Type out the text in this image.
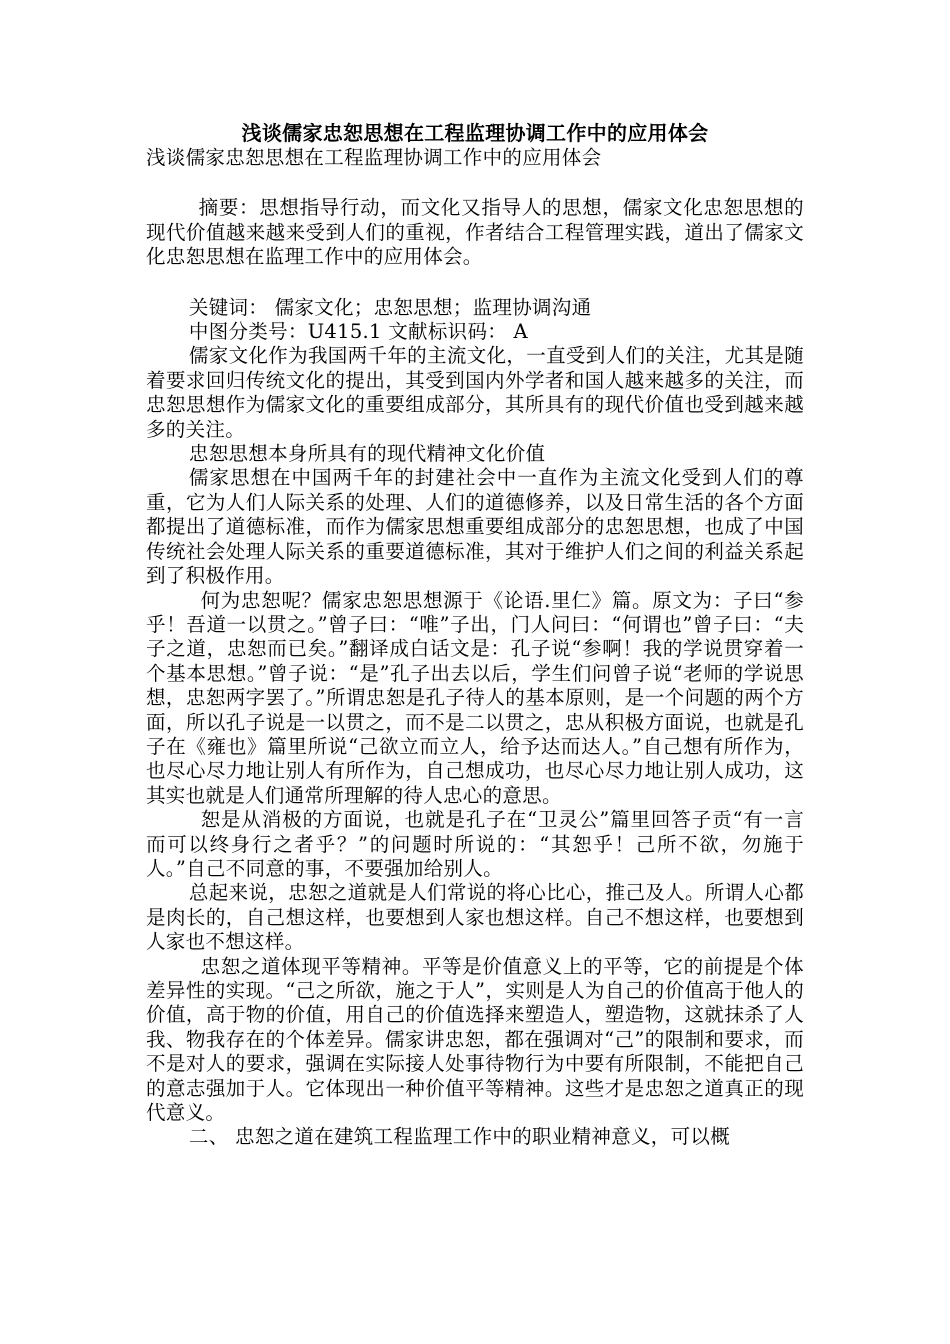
浅谈儒家忠恕思想在工程监理协调工作中的应用体会

浅谈儒家忠恕思想在工程监理协调工作中的应用体会

摘要：思想指导行动，而文化又指导人的思想，儒家文化忠恕思想的现代价值越来越来受到人们的重视，作者结合工程管理实践，道出了儒家文化忠恕思想在监理工作中的应用体会。

关键词： 儒家文化；忠恕思想；监理协调沟通

中图分类号：U415.1 文献标识码： A

儒家文化作为我国两千年的主流文化，一直受到人们的关注，尤其是随着要求回归传统文化的提出，其受到国内外学者和国人越来越多的关注，而忠恕思想作为儒家文化的重要组成部分，其所具有的现代价值也受到越来越多的关注。

忠恕思想本身所具有的现代精神文化价值

儒家思想在中国两千年的封建社会中一直作为主流文化受到人们的尊重，它为人们人际关系的处理、人们的道德修养，以及日常生活的各个方面都提出了道德标准，而作为儒家思想重要组成部分的忠恕思想，也成了中国传统社会处理人际关系的重要道德标准，其对于维护人们之间的利益关系起到了积极作用。

何为忠恕呢？儒家忠恕思想源于《论语.里仁》篇。原文为：子曰“参乎！吾道一以贯之。”曾子曰：“唯”子出，门人问曰：“何谓也”曾子曰：“夫子之道，忠恕而已矣。”翻译成白话文是：孔子说“参啊！我的学说贯穿着一个基本思想。”曾子说：“是”孔子出去以后，学生们问曾子说“老师的学说思想，忠恕两字罢了。”所谓忠恕是孔子待人的基本原则，是一个问题的两个方面，所以孔子说是一以贯之，而不是二以贯之，忠从积极方面说，也就是孔子在《雍也》篇里所说“己欲立而立人，给予达而达人。”自己想有所作为，也尽心尽力地让别人有所作为，自己想成功，也尽心尽力地让别人成功，这其实也就是人们通常所理解的待人忠心的意思。

恕是从消极的方面说，也就是孔子在“卫灵公”篇里回答子贡“有一言而可以终身行之者乎？”的问题时所说的：“其恕乎！己所不欲，勿施于人。”自己不同意的事，不要强加给别人。

总起来说，忠恕之道就是人们常说的将心比心，推己及人。所谓人心都是肉长的，自己想这样，也要想到人家也想这样。自己不想这样，也要想到人家也不想这样。

忠恕之道体现平等精神。平等是价值意义上的平等，它的前提是个体差异性的实现。“己之所欲，施之于人”，实则是人为自己的价值高于他人的价值，高于物的价值，用自己的价值选择来塑造人，塑造物，这就抹杀了人我、物我存在的个体差异。儒家讲忠恕，都在强调对“己”的限制和要求，而不是对人的要求，强调在实际接人处事待物行为中要有所限制，不能把自己的意志强加于人。它体现出一种价值平等精神。这些才是忠恕之道真正的现代意义。

二、 忠恕之道在建筑工程监理工作中的职业精神意义，可以概
